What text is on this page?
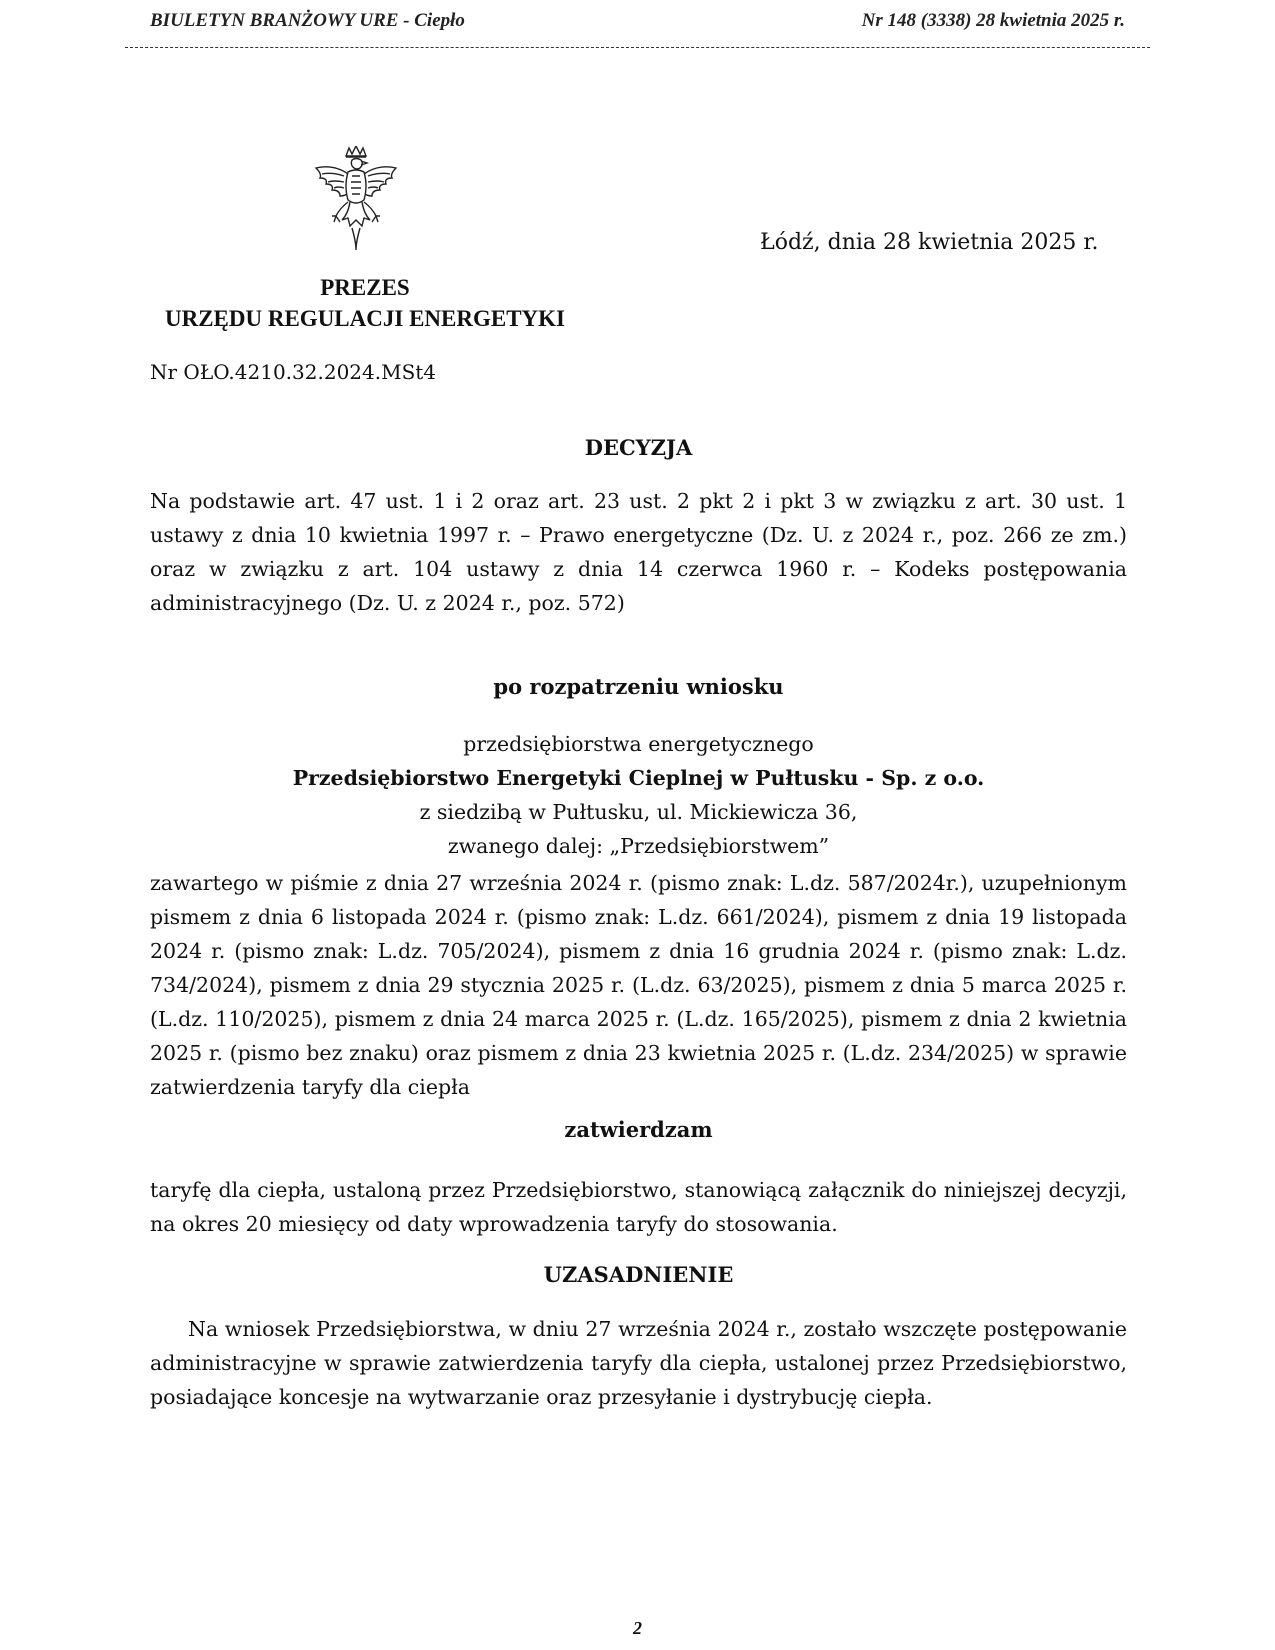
BIULETYN BRANŻOWY URE - Ciepło	Nr 148 (3338) 28 kwietnia 2025 r.
Łódź, dnia 28 kwietnia 2025 r.
PREZES
URZĘDU REGULACJI ENERGETYKI
Nr OŁO.4210.32.2024.MSt4
DECYZJA
Na podstawie art. 47 ust. 1 i 2 oraz art. 23 ust. 2 pkt 2 i pkt 3 w związku z art. 30 ust. 1 ustawy z dnia 10 kwietnia 1997 r. – Prawo energetyczne (Dz. U. z 2024 r., poz. 266 ze zm.) oraz w związku z art. 104 ustawy z dnia 14 czerwca 1960 r. – Kodeks postępowania administracyjnego (Dz. U. z 2024 r., poz. 572)
po rozpatrzeniu wniosku
przedsiębiorstwa energetycznego
Przedsiębiorstwo Energetyki Cieplnej w Pułtusku - Sp. z o.o.
z siedzibą w Pułtusku, ul. Mickiewicza 36,
zwanego dalej: „Przedsiębiorstwem”
zawartego w piśmie z dnia 27 września 2024 r. (pismo znak: L.dz. 587/2024r.), uzupełnionym pismem z dnia 6 listopada 2024 r. (pismo znak: L.dz. 661/2024), pismem z dnia 19 listopada 2024 r. (pismo znak: L.dz. 705/2024), pismem z dnia 16 grudnia 2024 r. (pismo znak: L.dz. 734/2024), pismem z dnia 29 stycznia 2025 r. (L.dz. 63/2025), pismem z dnia 5 marca 2025 r. (L.dz. 110/2025), pismem z dnia 24 marca 2025 r. (L.dz. 165/2025), pismem z dnia 2 kwietnia 2025 r. (pismo bez znaku) oraz pismem z dnia 23 kwietnia 2025 r. (L.dz. 234/2025) w sprawie zatwierdzenia taryfy dla ciepła
zatwierdzam
taryfę dla ciepła, ustaloną przez Przedsiębiorstwo, stanowiącą załącznik do niniejszej decyzji, na okres 20 miesięcy od daty wprowadzenia taryfy do stosowania.
UZASADNIENIE
Na wniosek Przedsiębiorstwa, w dniu 27 września 2024 r., zostało wszczęte postępowanie administracyjne w sprawie zatwierdzenia taryfy dla ciepła, ustalonej przez Przedsiębiorstwo, posiadające koncesje na wytwarzanie oraz przesyłanie i dystrybucję ciepła.
2
